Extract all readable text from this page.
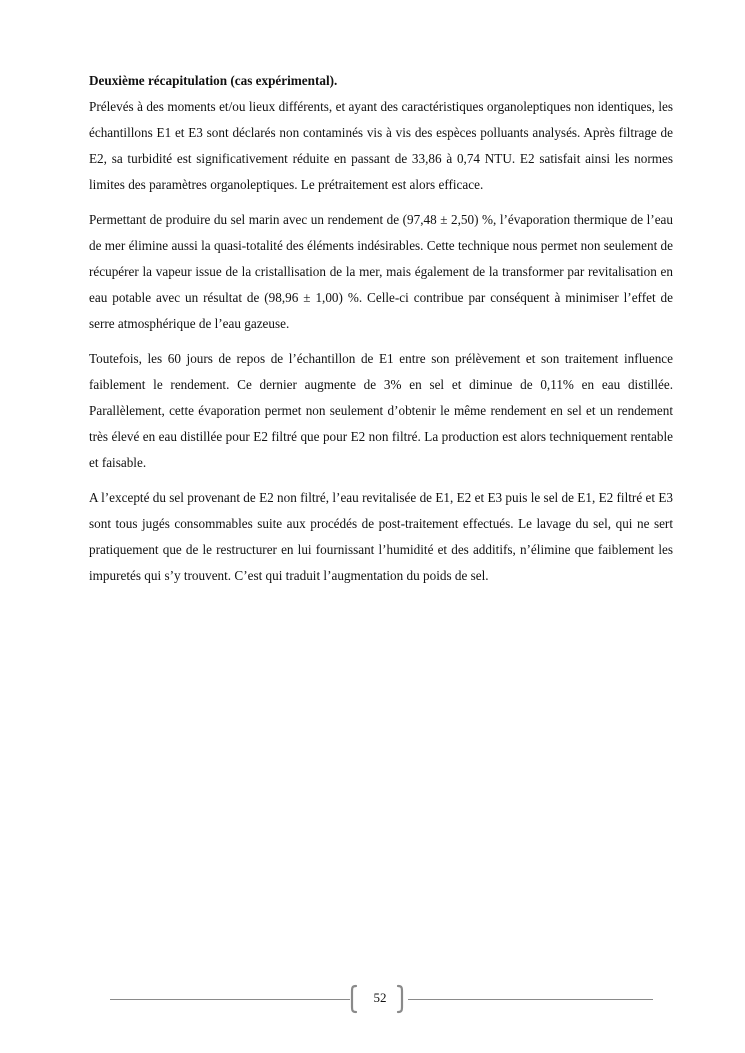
Deuxième récapitulation (cas expérimental).

Prélevés à des moments et/ou lieux différents, et ayant des caractéristiques organoleptiques non identiques, les échantillons E1 et E3 sont déclarés non contaminés vis à vis des espèces polluants analysés. Après filtrage de E2, sa turbidité est significativement réduite en passant de 33,86 à 0,74 NTU. E2 satisfait ainsi les normes limites des paramètres organoleptiques. Le prétraitement est alors efficace.

Permettant de produire du sel marin avec un rendement de (97,48 ± 2,50) %, l’évaporation thermique de l’eau de mer élimine aussi la quasi-totalité des éléments indésirables. Cette technique nous permet non seulement de récupérer la vapeur issue de la cristallisation de la mer, mais également de la transformer par revitalisation en eau potable avec un résultat de (98,96 ± 1,00) %. Celle-ci contribue par conséquent à minimiser l’effet de serre atmosphérique de l’eau gazeuse.

Toutefois, les 60 jours de repos de l’échantillon de E1 entre son prélèvement et son traitement influence faiblement le rendement. Ce dernier augmente de 3% en sel et diminue de 0,11% en eau distillée. Parallèlement, cette évaporation permet non seulement d’obtenir le même rendement en sel et un rendement très élevé en eau distillée pour E2 filtré que pour E2 non filtré. La production est alors techniquement rentable et faisable.

A l’excepté du sel provenant de E2 non filtré, l’eau revitalisée de E1, E2 et E3 puis le sel de E1, E2 filtré et E3 sont tous jugés consommables suite aux procédés de post-traitement effectués. Le lavage du sel, qui ne sert pratiquement que de le restructurer en lui fournissant l’humidité et des additifs, n’élimine que faiblement les impuretés qui s’y trouvent. C’est qui traduit l’augmentation du poids de sel.

52
